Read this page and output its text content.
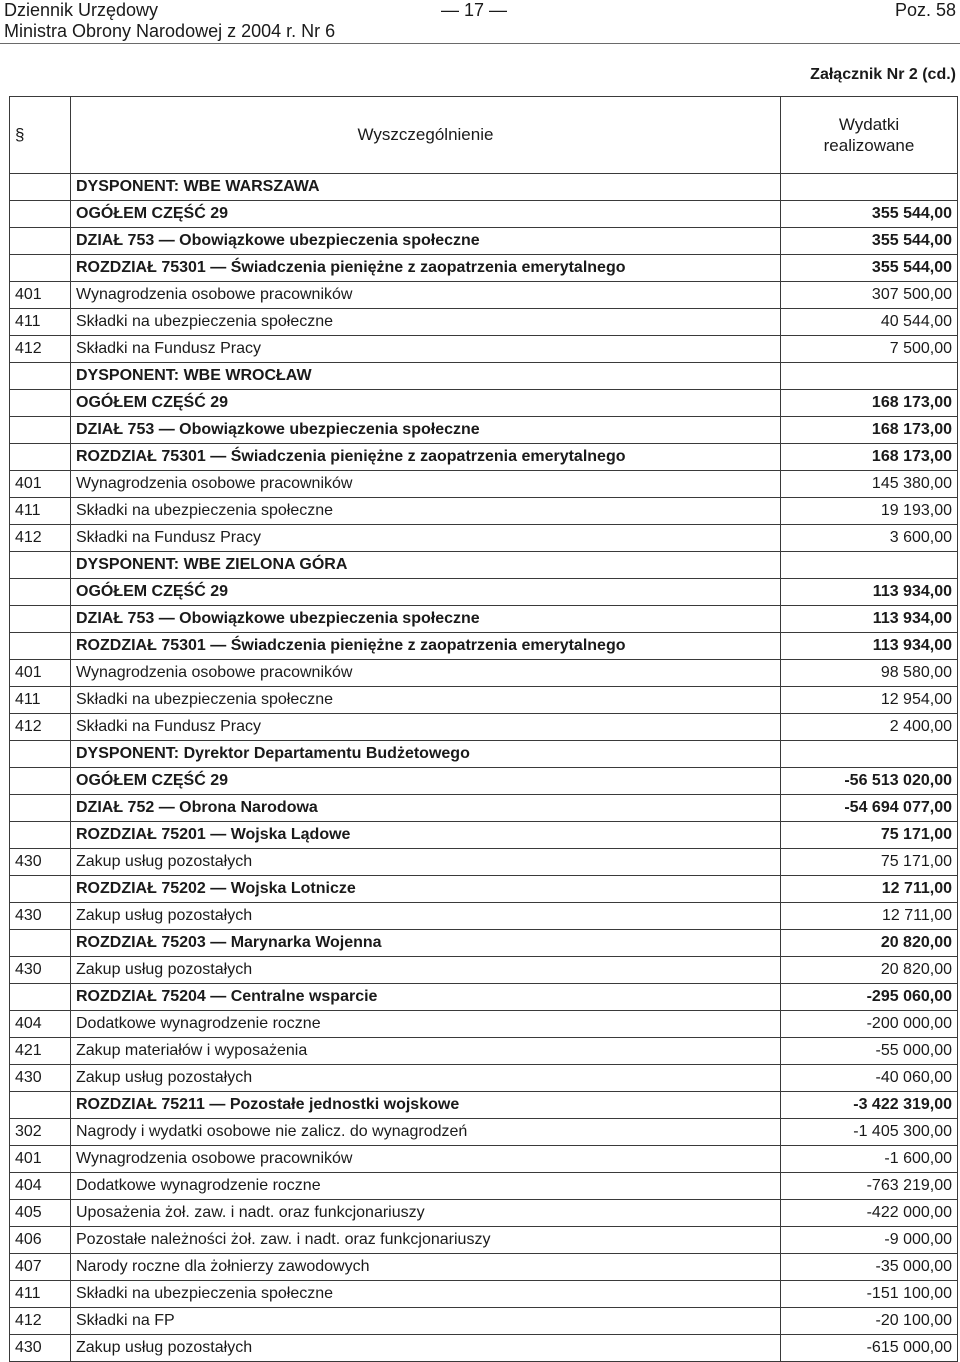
Dziennik Urzędowy
Ministra Obrony Narodowej z 2004 r. Nr 6
— 17 —	Poz. 58
Załącznik Nr 2 (cd.)
§	Wyszczególnienie	Wydatki
realizowane

	DYSPONENT: WBE WARSZAWA	
	OGÓŁEM CZĘŚĆ 29	355 544,00
	DZIAŁ 753 — Obowiązkowe ubezpieczenia społeczne	355 544,00
	ROZDZIAŁ 75301 — Świadczenia pieniężne z zaopatrzenia emerytalnego	355 544,00
401	Wynagrodzenia osobowe pracowników	307 500,00
411	Składki na ubezpieczenia społeczne	40 544,00
412	Składki na Fundusz Pracy	7 500,00
	DYSPONENT: WBE WROCŁAW	
	OGÓŁEM CZĘŚĆ 29	168 173,00
	DZIAŁ 753 — Obowiązkowe ubezpieczenia społeczne	168 173,00
	ROZDZIAŁ 75301 — Świadczenia pieniężne z zaopatrzenia emerytalnego	168 173,00
401	Wynagrodzenia osobowe pracowników	145 380,00
411	Składki na ubezpieczenia społeczne	19 193,00
412	Składki na Fundusz Pracy	3 600,00
	DYSPONENT: WBE ZIELONA GÓRA	
	OGÓŁEM CZĘŚĆ 29	113 934,00
	DZIAŁ 753 — Obowiązkowe ubezpieczenia społeczne	113 934,00
	ROZDZIAŁ 75301 — Świadczenia pieniężne z zaopatrzenia emerytalnego	113 934,00
401	Wynagrodzenia osobowe pracowników	98 580,00
411	Składki na ubezpieczenia społeczne	12 954,00
412	Składki na Fundusz Pracy	2 400,00
	DYSPONENT: Dyrektor Departamentu Budżetowego	
	OGÓŁEM CZĘŚĆ 29	-56 513 020,00
	DZIAŁ 752 — Obrona Narodowa	-54 694 077,00
	ROZDZIAŁ 75201 — Wojska Lądowe	75 171,00
430	Zakup usług pozostałych	75 171,00
	ROZDZIAŁ 75202 — Wojska Lotnicze	12 711,00
430	Zakup usług pozostałych	12 711,00
	ROZDZIAŁ 75203 — Marynarka Wojenna	20 820,00
430	Zakup usług pozostałych	20 820,00
	ROZDZIAŁ 75204 — Centralne wsparcie	-295 060,00
404	Dodatkowe wynagrodzenie roczne	-200 000,00
421	Zakup materiałów i wyposażenia	-55 000,00
430	Zakup usług pozostałych	-40 060,00
	ROZDZIAŁ 75211 — Pozostałe jednostki wojskowe	-3 422 319,00
302	Nagrody i wydatki osobowe nie zalicz. do wynagrodzeń	-1 405 300,00
401	Wynagrodzenia osobowe pracowników	-1 600,00
404	Dodatkowe wynagrodzenie roczne	-763 219,00
405	Uposażenia żoł. zaw. i nadt. oraz funkcjonariuszy	-422 000,00
406	Pozostałe należności żoł. zaw. i nadt. oraz funkcjonariuszy	-9 000,00
407	Narody roczne dla żołnierzy zawodowych	-35 000,00
411	Składki na ubezpieczenia społeczne	-151 100,00
412	Składki na FP	-20 100,00
430	Zakup usług pozostałych	-615 000,00
